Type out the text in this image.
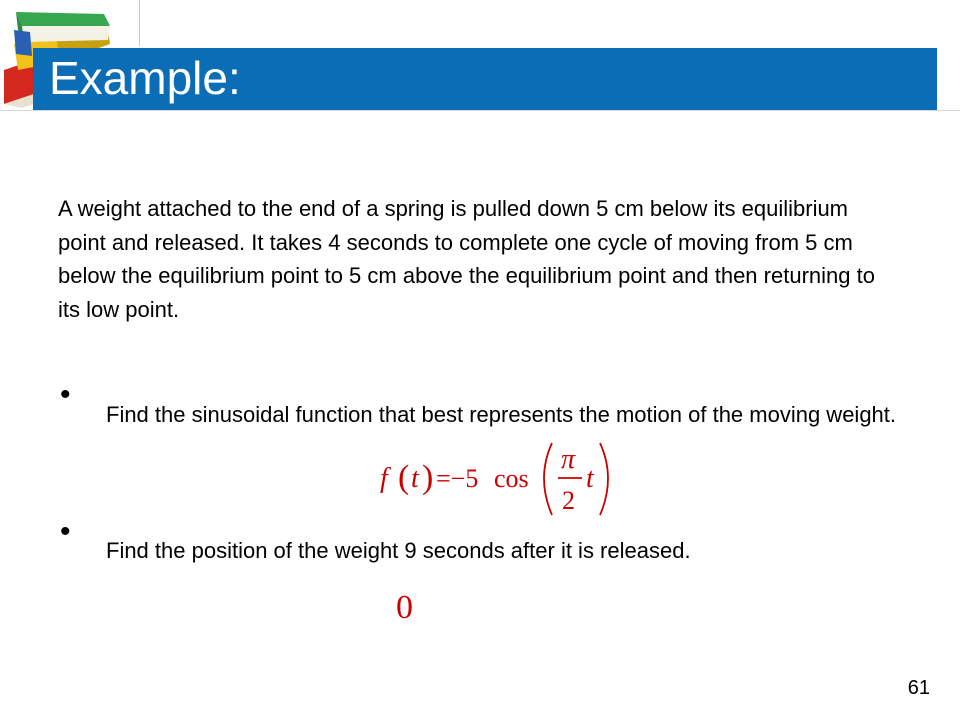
Example:

A weight attached to the end of a spring is pulled down 5 cm below its equilibrium point and released. It takes 4 seconds to complete one cycle of moving from 5 cm below the equilibrium point to 5 cm above the equilibrium point and then returning to its low point.

•

Find the sinusoidal function that best represents the motion of the moving weight.

f ( t ) =−5 cos
π
2
t
•

Find the position of the weight 9 seconds after it is released.

0
61
